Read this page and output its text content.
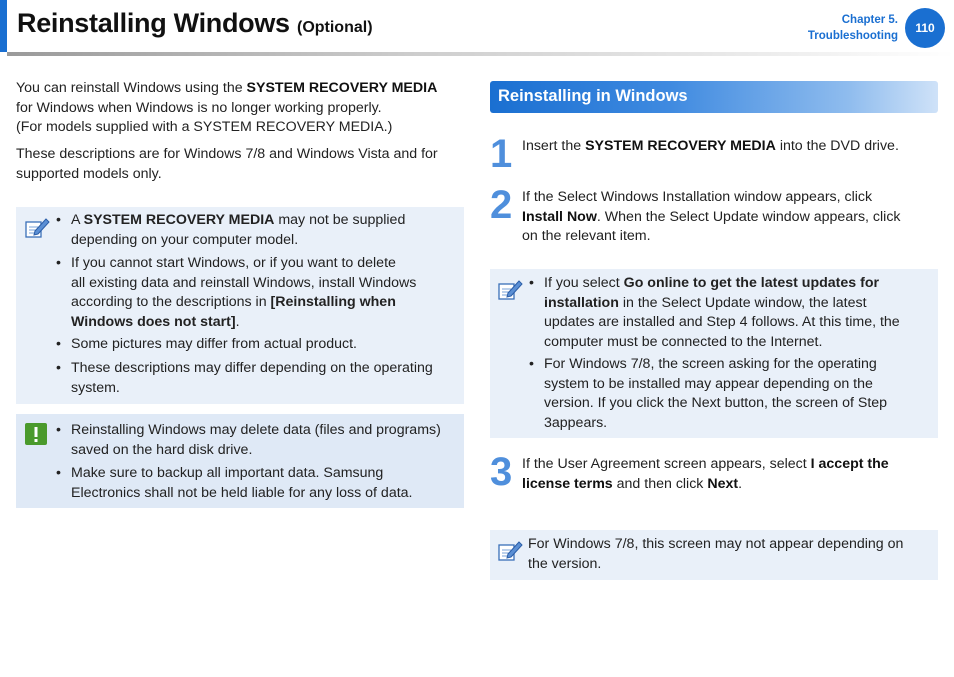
Reinstalling Windows (Optional)	Chapter 5.
Troubleshooting
110
You can reinstall Windows using the SYSTEM RECOVERY MEDIA
for Windows when Windows is no longer working properly.
(For models supplied with a SYSTEM RECOVERY MEDIA.)
These descriptions are for Windows 7/8 and Windows Vista and for
supported models only.
• A SYSTEM RECOVERY MEDIA may not be supplied
depending on your computer model.
• If you cannot start Windows, or if you want to delete
all existing data and reinstall Windows, install Windows
according to the descriptions in [Reinstalling when
Windows does not start].
• Some pictures may differ from actual product.
• These descriptions may differ depending on the operating
system.
• Reinstalling Windows may delete data (files and programs)
saved on the hard disk drive.
• Make sure to backup all important data. Samsung
Electronics shall not be held liable for any loss of data.
Reinstalling in Windows
1 Insert the SYSTEM RECOVERY MEDIA into the DVD drive.
2 If the Select Windows Installation window appears, click
Install Now. When the Select Update window appears, click
on the relevant item.
• If you select Go online to get the latest updates for
installation in the Select Update window, the latest
updates are installed and Step 4 follows. At this time, the
computer must be connected to the Internet.
• For Windows 7/8, the screen asking for the operating
system to be installed may appear depending on the
version. If you click the Next button, the screen of Step
3appears.
3 If the User Agreement screen appears, select I accept the
license terms and then click Next.
For Windows 7/8, this screen may not appear depending on
the version.
